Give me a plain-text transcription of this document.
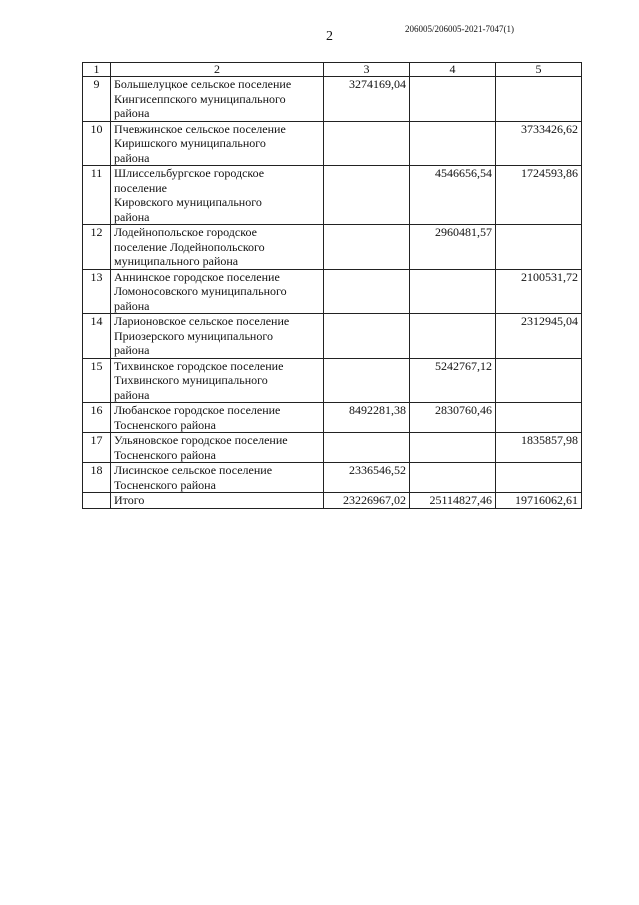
206005/206005-2021-7047(1)
2
1	2	3	4	5
9	Большелуцкое сельское поселение
Кингисеппского муниципального
района	3274169,04		
10	Пчевжинское сельское поселение
Киришского муниципального
района			3733426,62
11	Шлиссельбургское городское
поселение
Кировского муниципального
района		4546656,54	1724593,86
12	Лодейнопольское городское
поселение Лодейнопольского
муниципального района		2960481,57	
13	Аннинское городское поселение
Ломоносовского муниципального
района			2100531,72
14	Ларионовское сельское поселение
Приозерского муниципального
района			2312945,04
15	Тихвинское городское поселение
Тихвинского муниципального
района		5242767,12	
16	Любанское городское поселение
Тосненского района	8492281,38	2830760,46	
17	Ульяновское городское поселение
Тосненского района			1835857,98
18	Лисинское сельское поселение
Тосненского района	2336546,52		
	Итого	23226967,02	25114827,46	19716062,61
